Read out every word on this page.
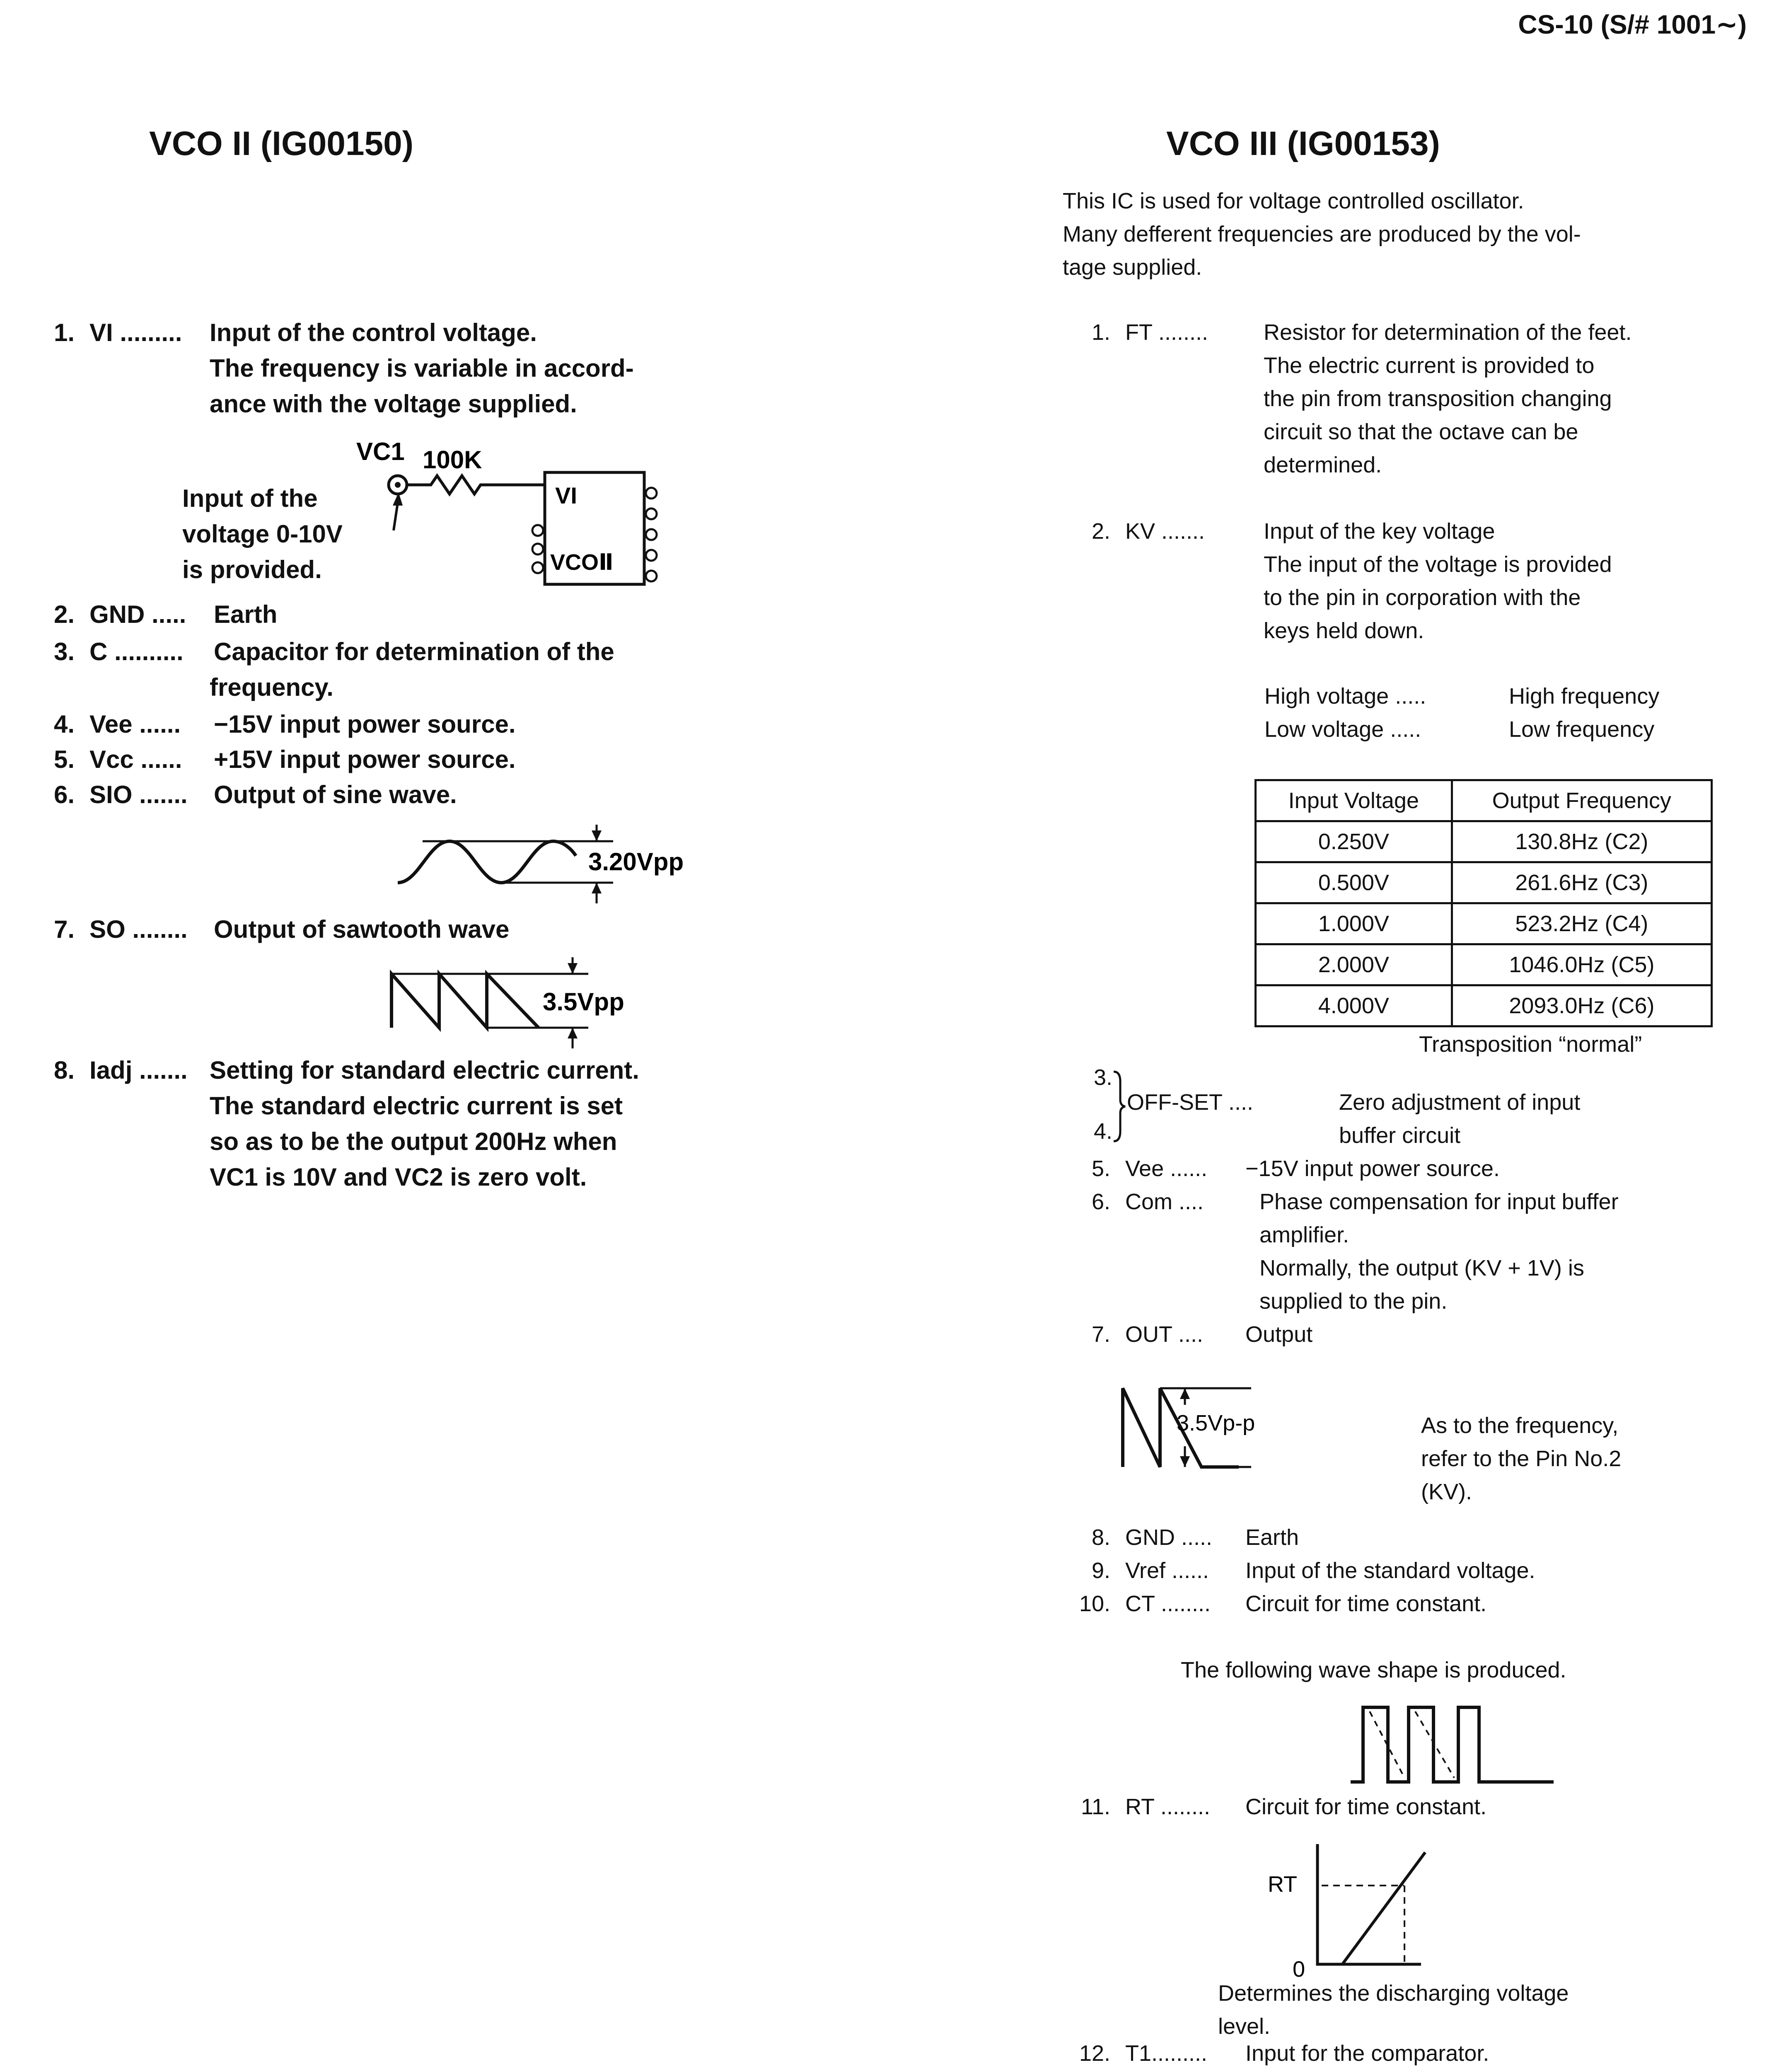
CS-10 (S/# 1001∼)
VCO II (IG00150)
1. VI .........	Input of the control voltage.
The frequency is variable in accord-
ance with the voltage supplied.
Input of the
voltage 0-10V
is provided.
VC1 100K
VI
VCOⅡ
2. GND ..... Earth
3. C .......... Capacitor for determination of the
frequency.
4. Vee ...... −15V input power source.
5. Vcc ...... +15V input power source.
6. SIO ....... Output of sine wave.
3.20Vpp
7. SO ........ Output of sawtooth wave
3.5Vpp
8. Iadj ....... Setting for standard electric current.
The standard electric current is set
so as to be the output 200Hz when
VC1 is 10V and VC2 is zero volt.
VCO III (IG00153)
This IC is used for voltage controlled oscillator.
Many defferent frequencies are produced by the vol-
tage supplied.
1. FT ........	Resistor for determination of the feet.
The electric current is provided to
the pin from transposition changing
circuit so that the octave can be
determined.
2. KV .......	Input of the key voltage
The input of the voltage is provided
to the pin in corporation with the
keys held down.
High voltage .....	High frequency
Low voltage .....	Low frequency
Input Voltage	Output Frequency
0.250V	130.8Hz (C2)
0.500V	261.6Hz (C3)
1.000V	523.2Hz (C4)
2.000V	1046.0Hz (C5)
4.000V	2093.0Hz (C6)
Transposition “normal”
3.
4.
OFF-SET ....	Zero adjustment of input
buffer circuit
5. Vee ...... −15V input power source.
6. Com ....	Phase compensation for input buffer
amplifier.
Normally, the output (KV + 1V) is
supplied to the pin.
7. OUT .... Output
3.5Vp-p	As to the frequency,
refer to the Pin No.2
(KV).
8. GND ..... Earth
9. Vref ...... Input of the standard voltage.
10. CT ........ Circuit for time constant.
The following wave shape is produced.
11. RT ........ Circuit for time constant.
RT
0
Determines the discharging voltage
level.
12. T1......... Input for the comparator.
